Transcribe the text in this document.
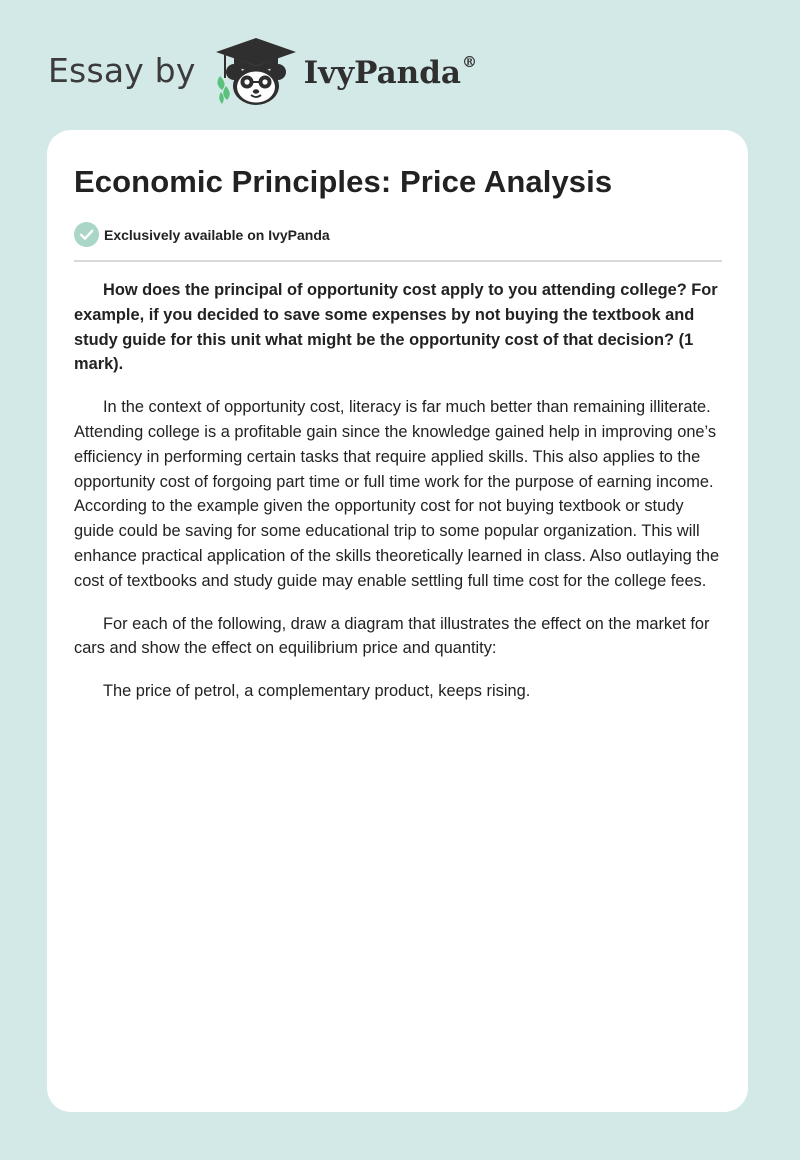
Essay by	IvyPanda®
Economic Principles: Price Analysis
Exclusively available on IvyPanda

How does the principal of opportunity cost apply to you attending college? For example, if you decided to save some expenses by not buying the textbook and study guide for this unit what might be the opportunity cost of that decision? (1 mark).

In the context of opportunity cost, literacy is far much better than remaining illiterate. Attending college is a profitable gain since the knowledge gained help in improving one’s efficiency in performing certain tasks that require applied skills. This also applies to the opportunity cost of forgoing part time or full time work for the purpose of earning income. According to the example given the opportunity cost for not buying textbook or study guide could be saving for some educational trip to some popular organization. This will enhance practical application of the skills theoretically learned in class. Also outlaying the cost of textbooks and study guide may enable settling full time cost for the college fees.

For each of the following, draw a diagram that illustrates the effect on the market for cars and show the effect on equilibrium price and quantity:

The price of petrol, a complementary product, keeps rising.
